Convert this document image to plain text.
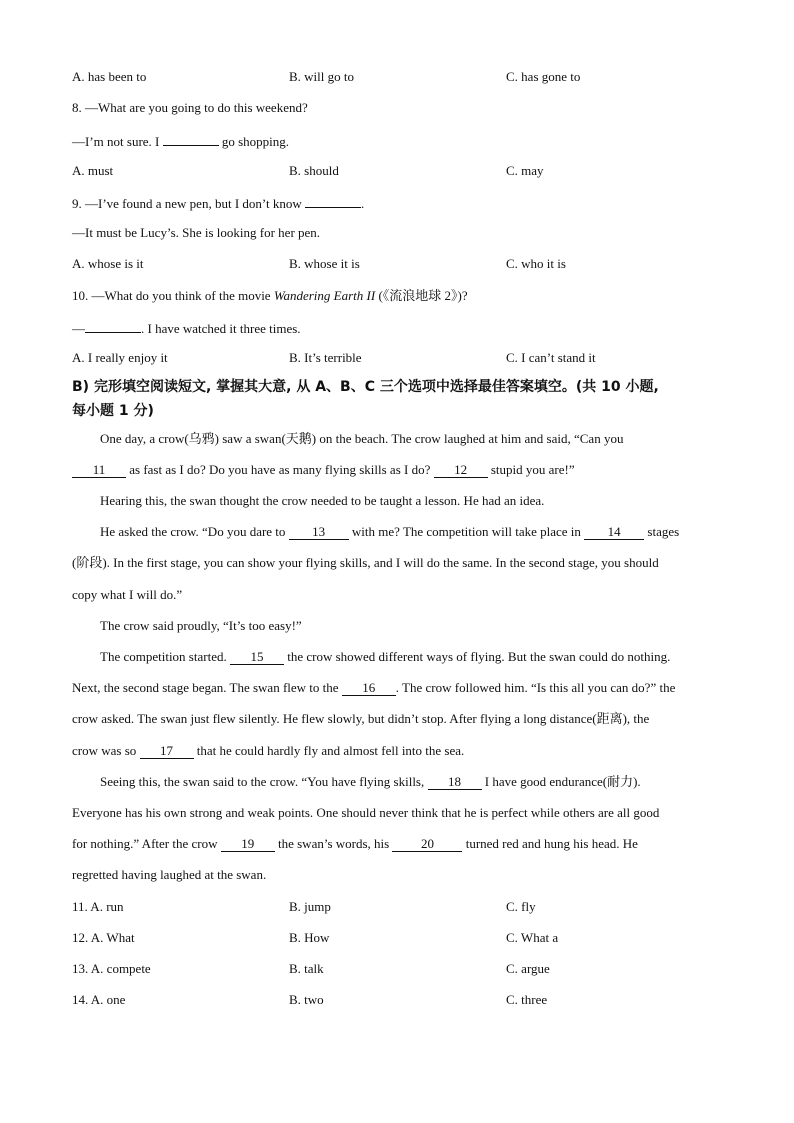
A. has been to	B. will go to	C. has gone to
8. —What are you going to do this weekend?
—I’m not sure. I	go shopping.
A. must	B. should	C. may
9. —I’ve found a new pen, but I don’t know	.
—It must be Lucy’s. She is looking for her pen.
A. whose is it	B. whose it is	C. who it is
10. —What do you think of the movie Wandering Earth II (《流浪地球 2》)?
—	. I have watched it three times.
A. I really enjoy it	B. It’s terrible	C. I can’t stand it
B) 完形填空阅读短文, 掌握其大意, 从 A、B、C 三个选项中选择最佳答案填空。(共 10 小题,
每小题 1 分)
One day, a crow(乌鸦) saw a swan(天鹅) on the beach. The crow laughed at him and said, “Can you
11 as fast as I do? Do you have as many flying skills as I do? 12 stupid you are!”
Hearing this, the swan thought the crow needed to be taught a lesson. He had an idea.
He asked the crow. “Do you dare to 13 with me? The competition will take place in 14 stages
(阶段). In the first stage, you can show your flying skills, and I will do the same. In the second stage, you should
copy what I will do.”
The crow said proudly, “It’s too easy!”
The competition started. 15 the crow showed different ways of flying. But the swan could do nothing.
Next, the second stage began. The swan flew to the 16 . The crow followed him. “Is this all you can do?” the
crow asked. The swan just flew silently. He flew slowly, but didn’t stop. After flying a long distance(距离), the
crow was so 17 that he could hardly fly and almost fell into the sea.
Seeing this, the swan said to the crow. “You have flying skills, 18 I have good endurance(耐力).
Everyone has his own strong and weak points. One should never think that he is perfect while others are all good
for nothing.” After the crow 19 the swan’s words, his 20 turned red and hung his head. He
regretted having laughed at the swan.
11. A. run	B. jump	C. fly
12. A. What	B. How	C. What a
13. A. compete	B. talk	C. argue
14. A. one	B. two	C. three
